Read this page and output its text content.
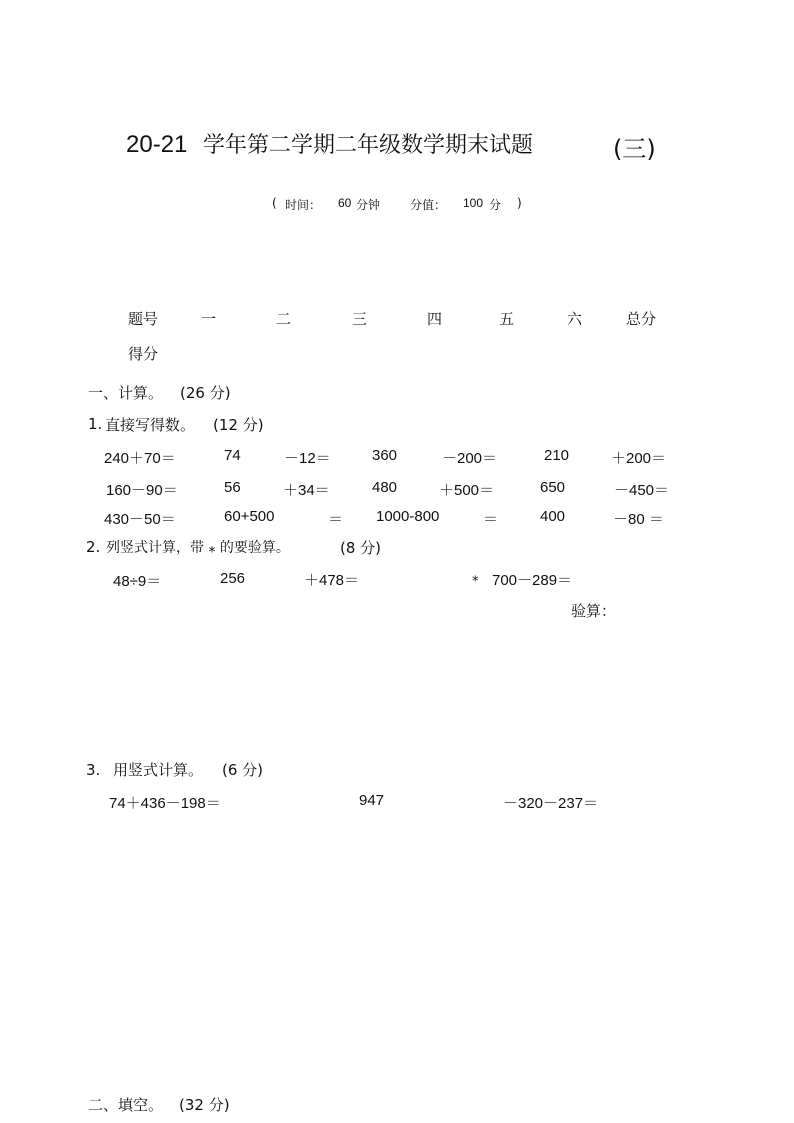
20-21 学年第二学期二年级数学期末试题	(三)
( 时间： 60 分钟 分值： 100 分 )
题号	一	二	三	四	五	六	总分
得分
一、计算。 (26 分)
1. 直接写得数。 (12 分)
240＋70＝	74	－12＝	360	－200＝	210	＋200＝
160－90＝	56	＋34＝	480	＋500＝	650	－450＝
430－50＝	60+500	＝ 1000-800	＝	400	－80 ＝
2. 列竖式计算，带 ⁎ 的要验算。	(8 分)
48÷9＝	256	＋478＝	⁎ 700－289＝
验算：
3. 用竖式计算。 (6 分)
74＋436－198＝	947	－320－237＝
二、填空。 (32 分)
